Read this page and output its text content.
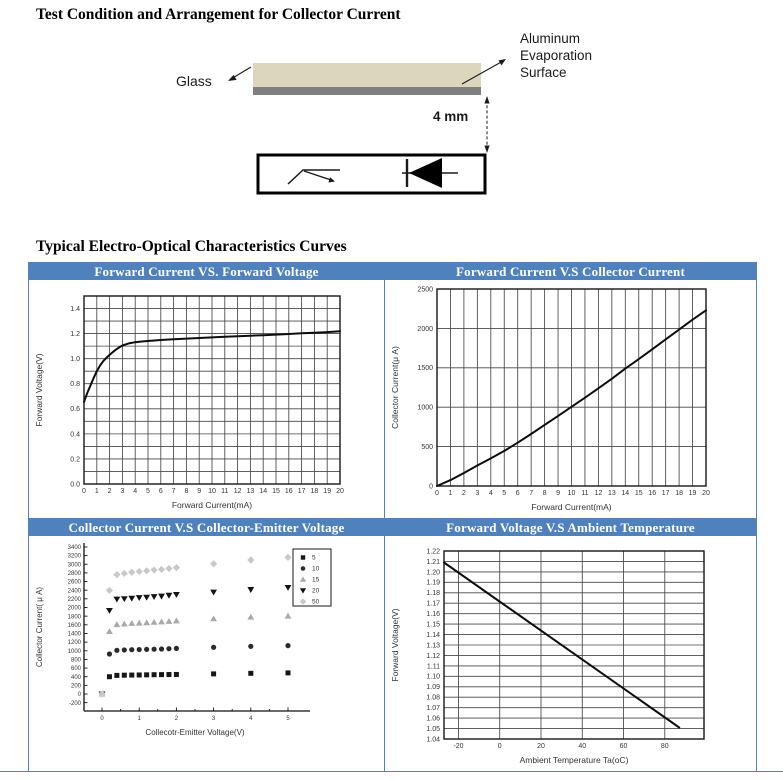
Test Condition and Arrangement for Collector Current
Glass
Aluminum Evaporation Surface
4 mm
Typical Electro-Optical Characteristics Curves
Forward Current VS. Forward Voltage
0 1 2 3 4 5 6 7 8 9 10 11 12 13 14 15 16 17 18 19 20
0.0
0.2
0.4
0.6
0.8
1.0
1.2
1.4
Forward Current(mA)
Forward Voltage(V)
Forward Current V.S Collector Current
0 1 2 3 4 5 6 7 8 9 10 11 12 13 14 15 16 17 18 19 20
0
500
1000
1500
2000
2500
Forward Current(mA)
Collector Current(μ A)
Collector Current V.S Collector-Emitter Voltage
-200
0
200
400
600
800
1000
1200
1400
1600
1800
2000
2200
2400
2600
2800
3000
3200
3400
0	1	2	3	4	5
5
10
15
20
50
Collecotr-Emitter Voltage(V)
Collector Current( μ A)
Forward Voltage V.S Ambient Temperature
-20	0	20	40	60	80
1.04
1.05
1.06
1.07
1.08
1.09
1.10
1.11
1.12
1.13
1.14
1.15
1.16
1.17
1.18
1.19
1.20
1.21
1.22
Ambient Temperature Ta(oC)
Forward Voltage(V)
